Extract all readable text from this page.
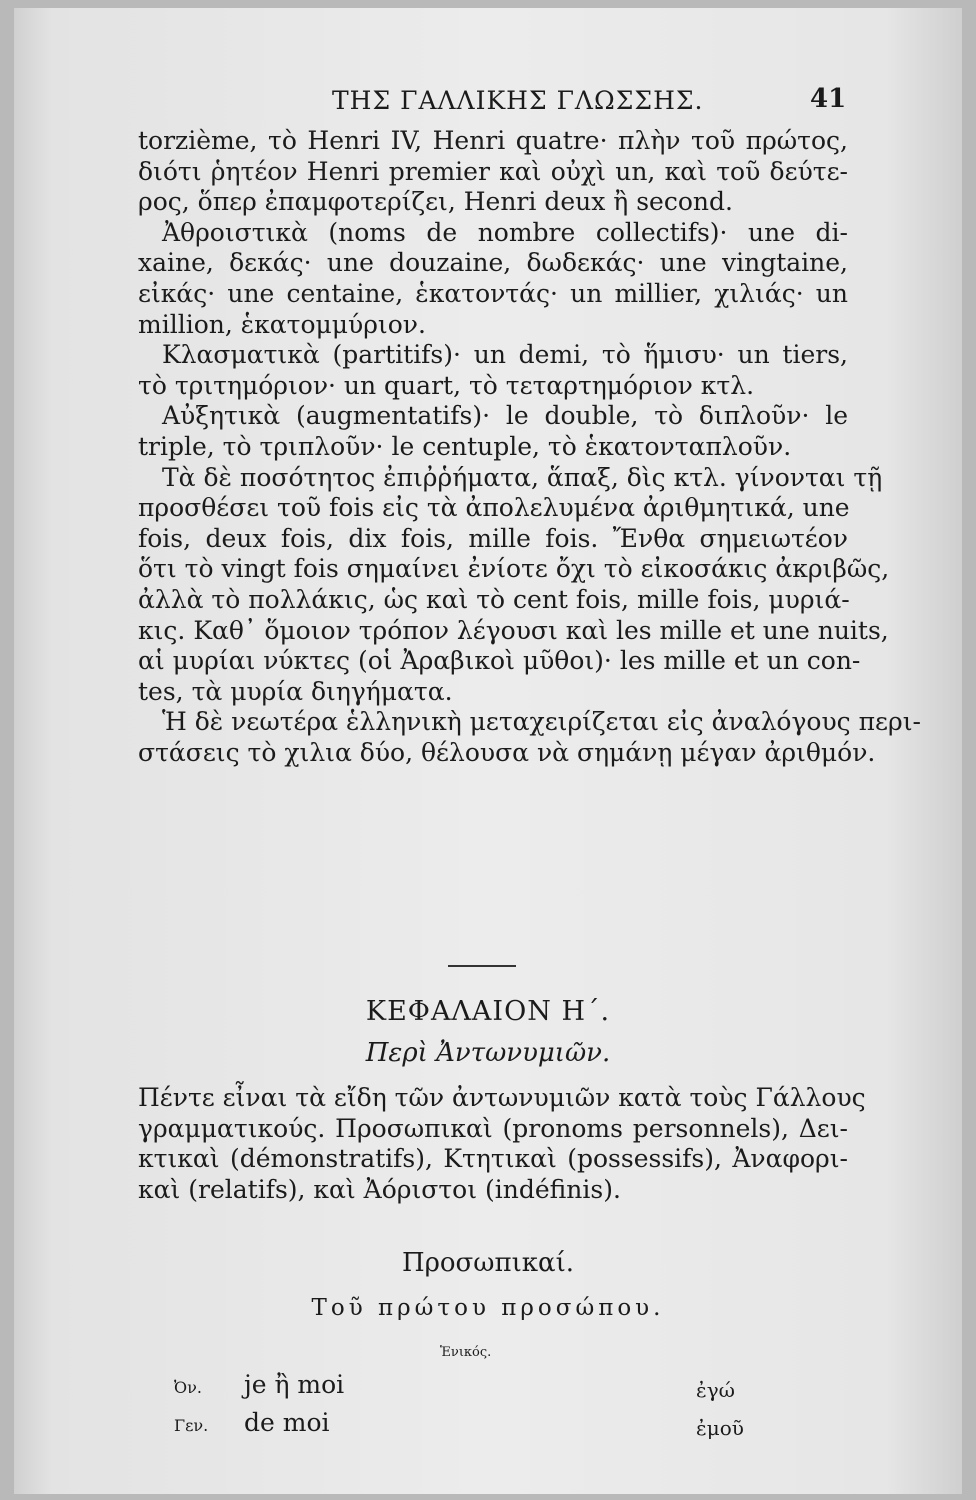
ΤΗΣ ΓΑΛΛΙΚΗΣ ΓΛΩΣΣΗΣ.	41
torzième, τὸ Henri IV, Henri quatre· πλὴν τοῦ πρώτος,
διότι ῥητέον Henri premier καὶ οὐχὶ un, καὶ τοῦ δεύτε-
ρος, ὅπερ ἐπαμφοτερίζει, Henri deux ἢ second.
Ἀθροιστικὰ (noms de nombre collectifs)· une di-
xaine, δεκάς· une douzaine, δωδεκάς· une vingtaine,
εἰκάς· une centaine, ἑκατοντάς· un millier, χιλιάς· un
million, ἑκατομμύριον.
Κλασματικὰ (partitifs)· un demi, τὸ ἥμισυ· un tiers,
τὸ τριτημόριον· un quart, τὸ τεταρτημόριον κτλ.
Αὐξητικὰ (augmentatifs)· le double, τὸ διπλοῦν· le
triple, τὸ τριπλοῦν· le centuple, τὸ ἑκατονταπλοῦν.
Τὰ δὲ ποσότητος ἐπιῤῥήματα, ἅπαξ, δὶς κτλ. γίνονται τῇ
προσθέσει τοῦ fois εἰς τὰ ἀπολελυμένα ἀριθμητικά, une
fois, deux fois, dix fois, mille fois. Ἔνθα σημειωτέον
ὅτι τὸ vingt fois σημαίνει ἐνίοτε ὄχι τὸ εἰκοσάκις ἀκριβῶς,
ἀλλὰ τὸ πολλάκις, ὡς καὶ τὸ cent fois, mille fois, μυριά-
κις. Καθ᾽ ὅμοιον τρόπον λέγουσι καὶ les mille et une nuits,
αἱ μυρίαι νύκτες (οἱ Ἀραβικοὶ μῦθοι)· les mille et un con-
tes, τὰ μυρία διηγήματα.
Ἡ δὲ νεωτέρα ἑλληνικὴ μεταχειρίζεται εἰς ἀναλόγους περι-
στάσεις τὸ χιλια δύο, θέλουσα νὰ σημάνῃ μέγαν ἀριθμόν.
ΚΕΦΑΛΑΙΟΝ Η΄.
Περὶ Ἀντωνυμιῶν.
Πέντε εἶναι τὰ εἴδη τῶν ἀντωνυμιῶν κατὰ τοὺς Γάλλους
γραμματικούς. Προσωπικαὶ (pronoms personnels), Δει-
κτικαὶ (démonstratifs), Κτητικαὶ (possessifs), Ἀναφορι-
καὶ (relatifs), καὶ Ἀόριστοι (indéfinis).
Προσωπικαί.
Τοῦ πρώτου προσώπου.
Ἑνικός.
Ὀν. je ἢ moi	ἐγώ
Γεν. de moi	ἐμοῦ
